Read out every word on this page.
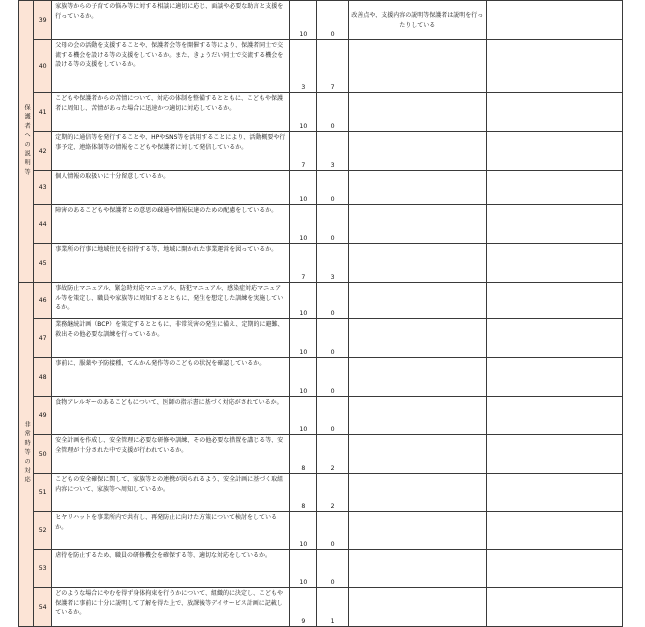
保護者への説明等	39	家族等からの子育ての悩み等に対する相談に適切に応じ、面談や必要な助言と支援を行っているか。	10	0	改善点や、支援内容の説明等保護者は説明を行ったりしている	
	40	父母の会の活動を支援することや、保護者会等を開催する等により、保護者同士で交流する機会を設ける等の支援をしているか。また、きょうだい同士で交流する機会を設ける等の支援をしているか。	3	7		
	41	こどもや保護者からの苦情について、対応の体制を整備するとともに、こどもや保護者に周知し、苦情があった場合に迅速かつ適切に対応しているか。	10	0		
	42	定期的に通信等を発行することや、HPやSNS等を活用することにより、活動概要や行事予定、連絡体制等の情報をこどもや保護者に対して発信しているか。	7	3		
	43	個人情報の取扱いに十分留意しているか。	10	0		
	44	障害のあるこどもや保護者との意思の疎通や情報伝達のための配慮をしているか。	10	0		
	45	事業所の行事に地域住民を招待する等、地域に開かれた事業運営を図っているか。	7	3		
非常時等の対応	46	事故防止マニュアル、緊急時対応マニュアル、防犯マニュアル、感染症対応マニュアル等を策定し、職員や家族等に周知するとともに、発生を想定した訓練を実施しているか。	10	0		
	47	業務継続計画（BCP）を策定するとともに、非常災害の発生に備え、定期的に避難、救出その他必要な訓練を行っているか。	10	0		
	48	事前に、服薬や予防接種、てんかん発作等のこどもの状況を確認しているか。	10	0		
	49	食物アレルギーのあるこどもについて、医師の指示書に基づく対応がされているか。	10	0		
	50	安全計画を作成し、安全管理に必要な研修や訓練、その他必要な措置を講じる等、安全管理が十分された中で支援が行われているか。	8	2		
	51	こどもの安全確保に関して、家族等との連携が図られるよう、安全計画に基づく取組内容について、家族等へ周知しているか。	8	2		
	52	ヒヤリハットを事業所内で共有し、再発防止に向けた方策について検討をしているか。	10	0		
	53	虐待を防止するため、職員の研修機会を確保する等、適切な対応をしているか。	10	0		
	54	どのような場合にやむを得ず身体拘束を行うかについて、組織的に決定し、こどもや保護者に事前に十分に説明して了解を得た上で、放課後等デイサービス計画に記載しているか。	9	1		
